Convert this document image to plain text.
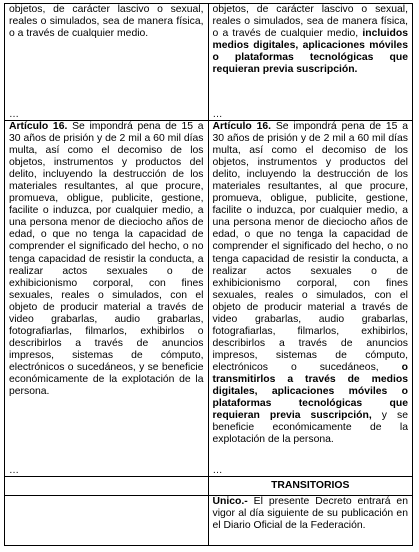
objetos, de carácter lascivo o sexual, reales o simulados, sea de manera física, o a través de cualquier medio.

…

objetos, de carácter lascivo o sexual, reales o simulados, sea de manera física, o a través de cualquier medio, incluidos medios digitales, aplicaciones móviles o plataformas tecnológicas que requieran previa suscripción.

…

Artículo 16. Se impondrá pena de 15 a 30 años de prisión y de 2 mil a 60 mil días multa, así como el decomiso de los objetos, instrumentos y productos del delito, incluyendo la destrucción de los materiales resultantes, al que procure, promueva, obligue, publicite, gestione, facilite o induzca, por cualquier medio, a una persona menor de dieciocho años de edad, o que no tenga la capacidad de comprender el significado del hecho, o no tenga capacidad de resistir la conducta, a realizar actos sexuales o de exhibicionismo corporal, con fines sexuales, reales o simulados, con el objeto de producir material a través de video grabarlas, audio grabarlas, fotografiarlas, filmarlos, exhibirlos o describirlos a través de anuncios impresos, sistemas de cómputo, electrónicos o sucedáneos, y se beneficie económicamente de la explotación de la persona.

…

Artículo 16. Se impondrá pena de 15 a 30 años de prisión y de 2 mil a 60 mil días multa, así como el decomiso de los objetos, instrumentos y productos del delito, incluyendo la destrucción de los materiales resultantes, al que procure, promueva, obligue, publicite, gestione, facilite o induzca, por cualquier medio, a una persona menor de dieciocho años de edad, o que no tenga la capacidad de comprender el significado del hecho, o no tenga capacidad de resistir la conducta, a realizar actos sexuales o de exhibicionismo corporal, con fines sexuales, reales o simulados, con el objeto de producir material a través de video grabarlas, audio grabarlas, fotografiarlas, filmarlos, exhibirlos, describirlos a través de anuncios impresos, sistemas de cómputo, electrónicos o sucedáneos, o transmitirlos a través de medios digitales, aplicaciones móviles o plataformas tecnológicas que requieran previa suscripción, y se beneficie económicamente de la explotación de la persona.

…
TRANSITORIOS

Único.- El presente Decreto entrará en vigor al día siguiente de su publicación en el Diario Oficial de la Federación.
